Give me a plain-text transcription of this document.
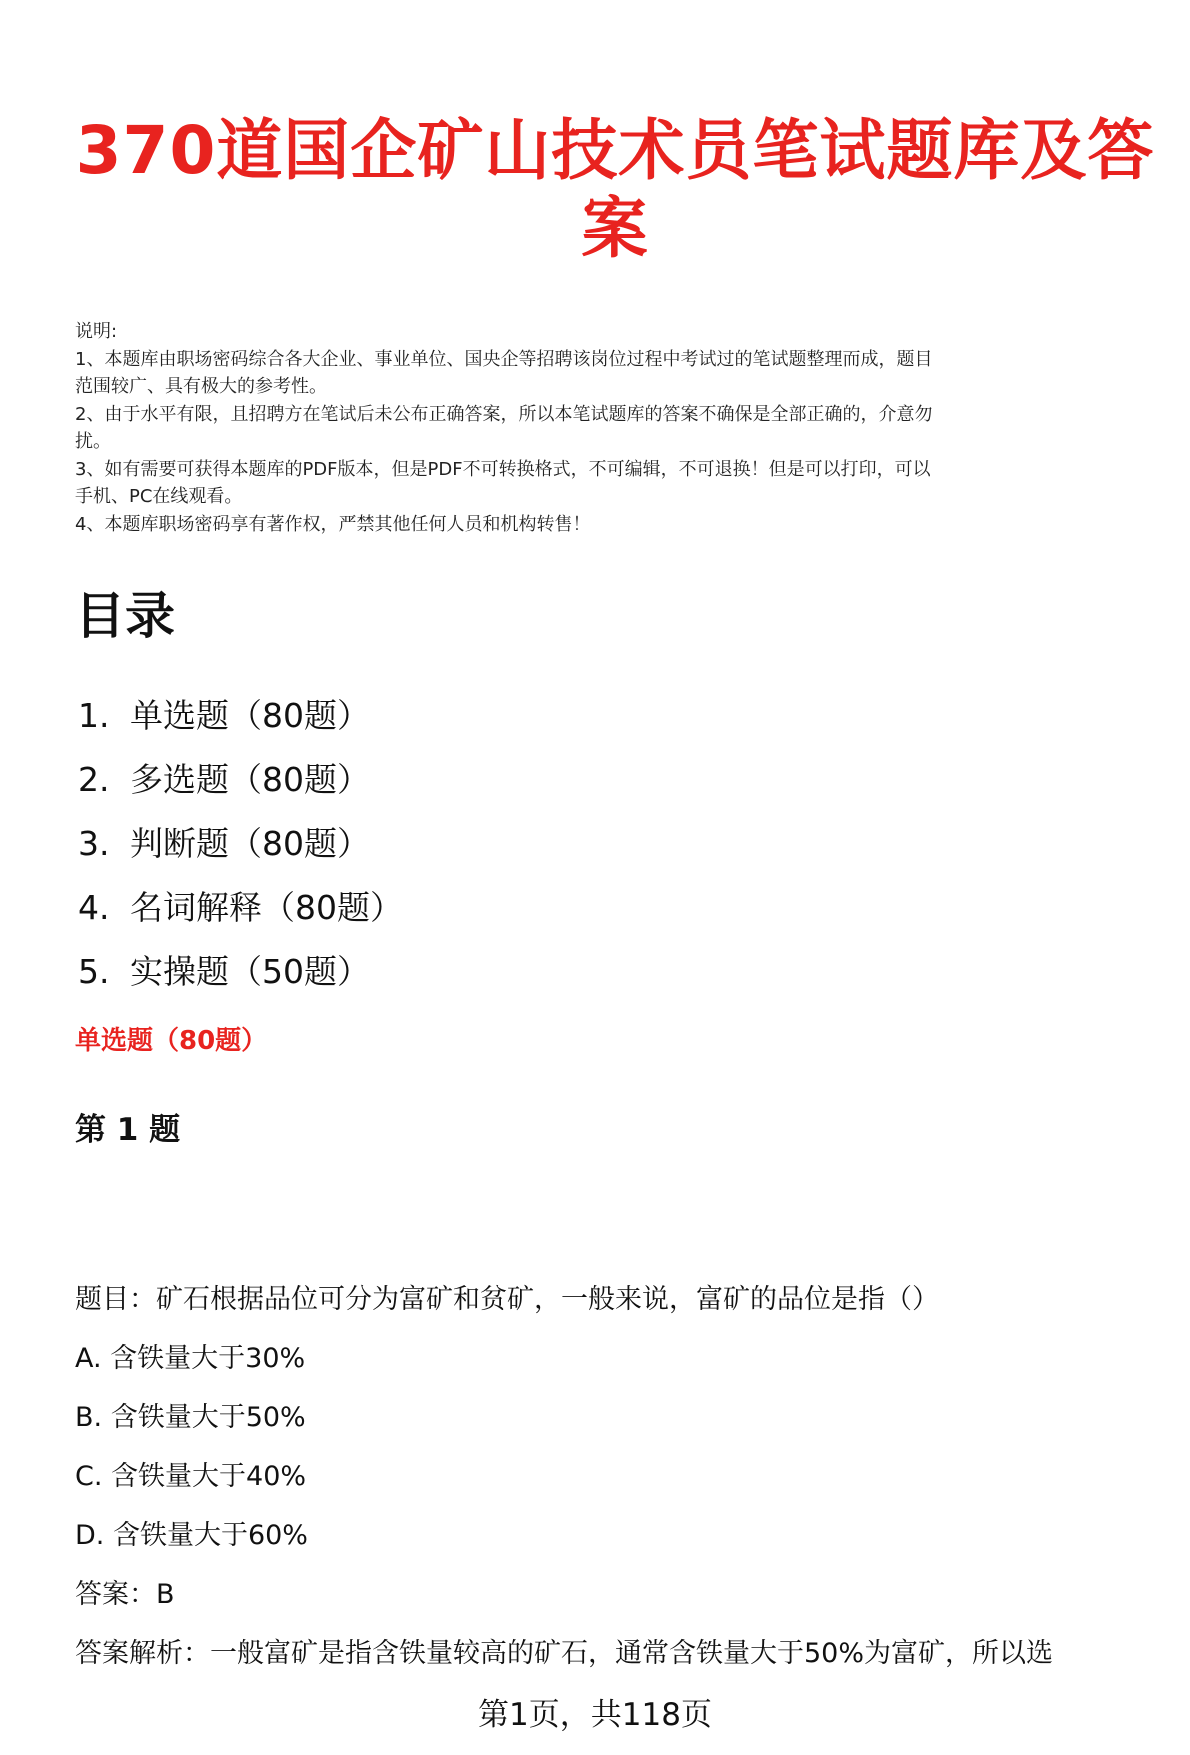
370道国企矿山技术员笔试题库及答案
说明:
1、本题库由职场密码综合各大企业、事业单位、国央企等招聘该岗位过程中考试过的笔试题整理而成，题目
范围较广、具有极大的参考性。
2、由于水平有限，且招聘方在笔试后未公布正确答案，所以本笔试题库的答案不确保是全部正确的，介意勿
扰。
3、如有需要可获得本题库的PDF版本，但是PDF不可转换格式，不可编辑，不可退换！但是可以打印，可以
手机、PC在线观看。
4、本题库职场密码享有著作权，严禁其他任何人员和机构转售！
目录
1. 单选题（80题）
2. 多选题（80题）
3. 判断题（80题）
4. 名词解释（80题）
5. 实操题（50题）
单选题（80题）
第 1 题
题目：矿石根据品位可分为富矿和贫矿，一般来说，富矿的品位是指（）
A. 含铁量大于30%
B. 含铁量大于50%
C. 含铁量大于40%
D. 含铁量大于60%
答案：B
答案解析：一般富矿是指含铁量较高的矿石，通常含铁量大于50%为富矿，所以选
第1页，共118页
